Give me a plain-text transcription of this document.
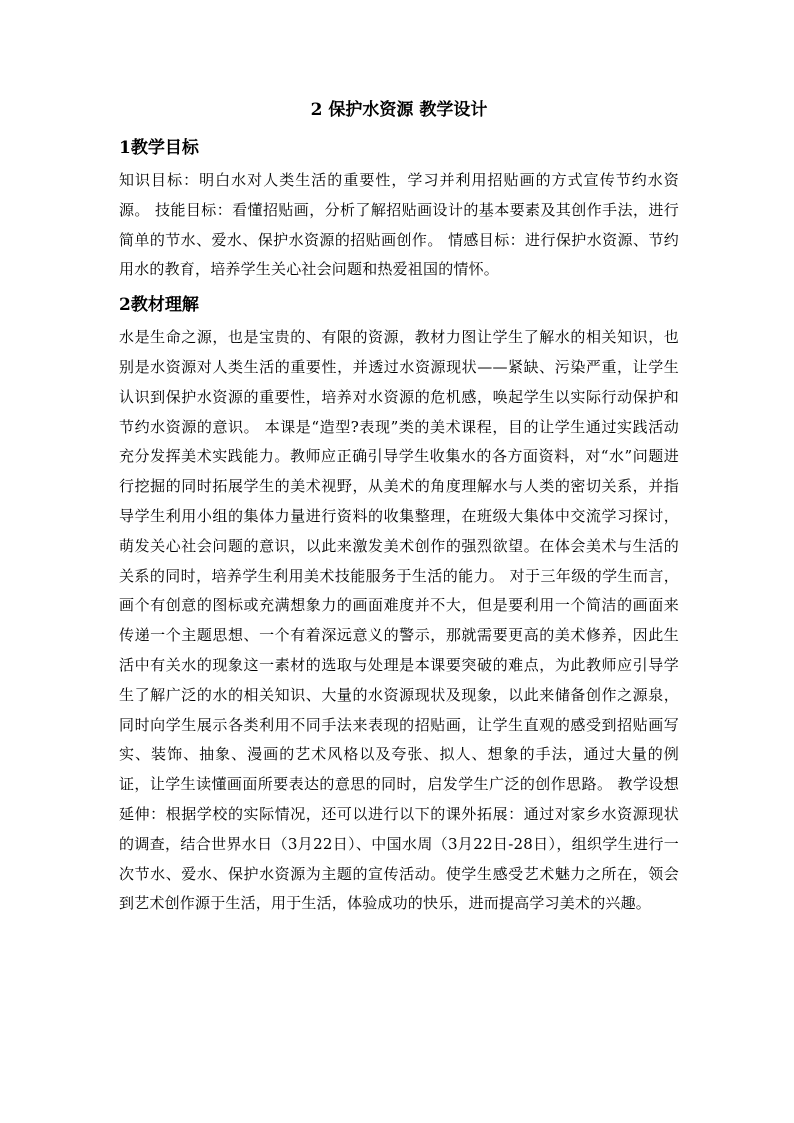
2 保护水资源 教学设计
1教学目标

知识目标：明白水对人类生活的重要性，学习并利用招贴画的方式宣传节约水资源。 技能目标：看懂招贴画，分析了解招贴画设计的基本要素及其创作手法，进行简单的节水、爱水、保护水资源的招贴画创作。 情感目标：进行保护水资源、节约用水的教育，培养学生关心社会问题和热爱祖国的情怀。

2教材理解

水是生命之源，也是宝贵的、有限的资源，教材力图让学生了解水的相关知识，也别是水资源对人类生活的重要性，并透过水资源现状——紧缺、污染严重，让学生认识到保护水资源的重要性，培养对水资源的危机感，唤起学生以实际行动保护和节约水资源的意识。 本课是“造型?表现”类的美术课程，目的让学生通过实践活动充分发挥美术实践能力。教师应正确引导学生收集水的各方面资料，对“水”问题进行挖掘的同时拓展学生的美术视野，从美术的角度理解水与人类的密切关系，并指导学生利用小组的集体力量进行资料的收集整理，在班级大集体中交流学习探讨，萌发关心社会问题的意识，以此来激发美术创作的强烈欲望。在体会美术与生活的关系的同时，培养学生利用美术技能服务于生活的能力。 对于三年级的学生而言，画个有创意的图标或充满想象力的画面难度并不大，但是要利用一个简洁的画面来传递一个主题思想、一个有着深远意义的警示，那就需要更高的美术修养，因此生活中有关水的现象这一素材的选取与处理是本课要突破的难点，为此教师应引导学生了解广泛的水的相关知识、大量的水资源现状及现象，以此来储备创作之源泉，同时向学生展示各类利用不同手法来表现的招贴画，让学生直观的感受到招贴画写实、装饰、抽象、漫画的艺术风格以及夸张、拟人、想象的手法，通过大量的例证，让学生读懂画面所要表达的意思的同时，启发学生广泛的创作思路。 教学设想延伸：根据学校的实际情况，还可以进行以下的课外拓展：通过对家乡水资源现状的调查，结合世界水日（3月22日）、中国水周（3月22日-28日），组织学生进行一次节水、爱水、保护水资源为主题的宣传活动。使学生感受艺术魅力之所在，领会到艺术创作源于生活，用于生活，体验成功的快乐，进而提高学习美术的兴趣。
